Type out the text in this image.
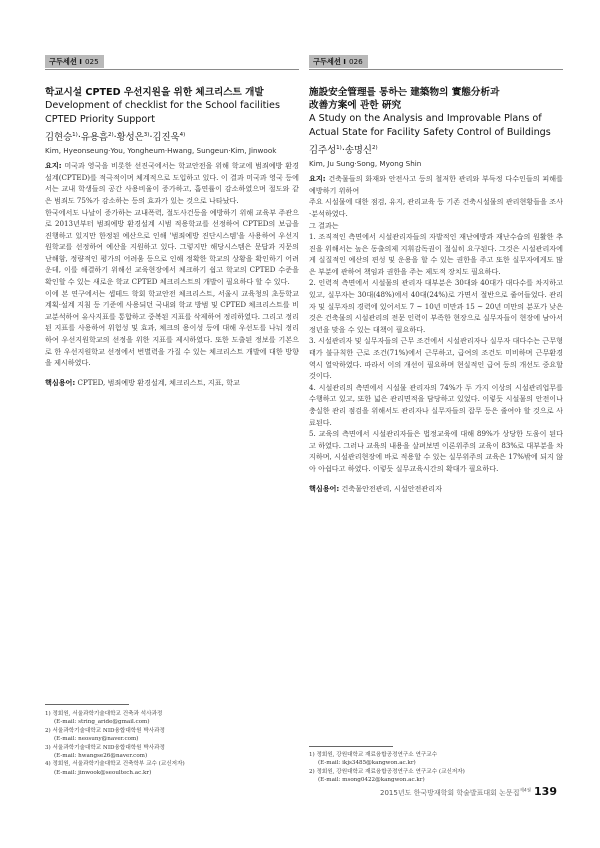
구두세션 I 025

학교시설 CPTED 우선지원을 위한 체크리스트 개발

Development of checklist for the School facilities CPTED Priority Support

김현승$^{1)}$·유용흠$^{2)}$·황성은$^{3)}$·김진욱$^{4)}$
Kim, Hyeonseung·You, Yongheum·Hwang, Sungeun·Kim, Jinwook

요지: 미국과 영국을 비롯한 선진국에서는 학교안전을 위해 학교에 범죄예방 환경설계(CPTED)를 적극적이며 체계적으로 도입하고 있다. 이 결과 미국과 영국 등에서는 교내 학생들의 공간 사용비율이 증가하고, 흡연률이 감소하였으며 절도와 같은 범죄도 75%가 감소하는 등의 효과가 있는 것으로 나타났다.

한국에서도 나날이 증가하는 교내폭력, 절도사건등을 예방하기 위해 교육부 주관으로 2013년부터 범죄예방 환경설계 시범 적용학교를 선정하여 CPTED의 보급을 진행하고 있지만 한정된 예산으로 인해 '범죄예방 진단시스템'을 사용하여 우선지원학교를 선정하여 예산을 지원하고 있다. 그렇지만 해당시스템은 문답과 지문의 난해함, 정량적인 평가의 어려움 등으로 인해 정확한 학교의 상황을 확인하기 어려운데, 이를 해결하기 위해선 교육현장에서 체크하기 쉽고 학교의 CPTED 수준을 확인할 수 있는 새로운 학교 CPTED 체크리스트의 개발이 필요하다 할 수 있다.

이에 본 연구에서는 셉테드 학회 학교안전 체크리스트, 서울시 교육청의 초등학교 계획·설계 지침 등 기준에 사용되던 국내외 학교 방범 및 CPTED 체크리스트를 비교분석하여 유사지표를 통합하고 중복된 지표를 삭제하여 정리하였다. 그리고 정리된 지표를 사용하여 위험성 및 효과, 체크의 용이성 등에 대해 우선도를 나눠 정리하여 우선지원학교의 선정을 위한 지표를 제시하였다. 또한 도출된 정보를 기본으로 한 우선지원학교 선정에서 번별력을 가질 수 있는 체크리스트 개발에 대한 방향을 제시하였다.

핵심용어: CPTED, 범죄예방 환경설계, 체크리스트, 지표, 학교
1) 정회원, 서울과학기술대학교 건축과 석사과정
(E-mail: string_aride@gmail.com)
2) 서울과학기술대학교 NID융합대학원 박사과정
(E-mail: neosuny@naver.com)
3) 서울과학기술대학교 NID융합대학원 박사과정
(E-mail: hwangse26@naver.com)
4) 정회원, 서울과학기술대학교 건축학부 교수 (교신저자)
(E-mail: jinwook@seoultech.ac.kr)
구두세션 I 026

施設安全管理를 통하는 建築物의 實態分析과

改善方案에 관한 硏究

A Study on the Analysis and Improvable Plans of Actual State for Facility Safety Control of Buildings

김주성$^{1)}$·송명신$^{2)}$
Kim, Ju Sung·Song, Myong Shin

요지: 건축물들의 화재와 안전사고 등의 철저한 관리와 부득정 다수인들의 피해를 예방하기 위하여

주요 시설물에 대한 점검, 유지, 관리교육 등 기존 건축시설물의 관리현황들을 조사·분석하였다.

그 결과는

1. 조직적인 측면에서 시설관리자들의 자발적인 재난예방과 재난수습의 원활한 추진을 위해서는 높은 동출의제 지휘감독권이 절실히 요구된다. 그것은 시설관리자에게 실질적인 예산의 편성 및 운용을 할 수 있는 권한을 주고 또한 실무자에게도 많은 부분에 관하여 책임과 권한을 주는 제도적 장치도 필요하다.

2. 인력적 측면에서 시설물의 관리자 대부분은 30대와 40대가 대다수를 차지하고 있고, 실무자는 30대(48%)에서 40대(24%)로 가면서 절반으로 줄어들었다. 관리자 및 실무자의 경력에 있어서도 7 ~ 10년 미만과 15 ~ 20년 미만의 분포가 낮은 것은 건축물의 시설관리의 전문 인력이 부족한 현장으로 실무자들이 현장에 남아서 정년을 맞을 수 있는 대책이 필요하다.

3. 시설관리자 및 실무자들의 근무 조건에서 시설관리자나 실무자 대다수는 근무형태가 불규칙한 근로 조건(71%)에서 근무하고, 급여의 조건도 미비하며 근무환경 역시 열악하였다. 따라서 이의 개선이 필요하며 현실적인 급여 등의 개선도 중요할 것이다.

4. 시설관리의 측면에서 시설물 관리자의 74%가 두 가지 이상의 시설관리업무를 수행하고 있고, 또한 넓은 관리면적을 담당하고 있었다. 이렇듯 시설물의 안전이나 충실한 관리 점검을 위해서도 관리자나 실무자들의 잡무 등은 줄여야 할 것으로 사료된다.

5. 교육의 측면에서 시설관리자들은 법정교육에 대해 89%가 상당한 도움이 된다고 하였다. 그러나 교육의 내용을 살펴보면 이론위주의 교육이 83%로 대부분을 차지하며, 시설관리현장에 바로 적용할 수 있는 실무위주의 교육은 17%밖에 되지 않아 아쉽다고 하였다. 이렇듯 실무교육시간의 확대가 필요하다.

핵심용어: 건축물안전관리, 시설안전관리자
1) 정회원, 강원대학교 재료융합공정연구소 연구교수
(E-mail: ikjs3485@kangwon.ac.kr)
2) 정회원, 강원대학교 재료융합공정연구소 연구교수 (교신저자)
(E-mail: msong0422@kangwon.ac.kr)
2015년도 한국방재학회 학술발표대회 논문집$^{제4권}$ 139
